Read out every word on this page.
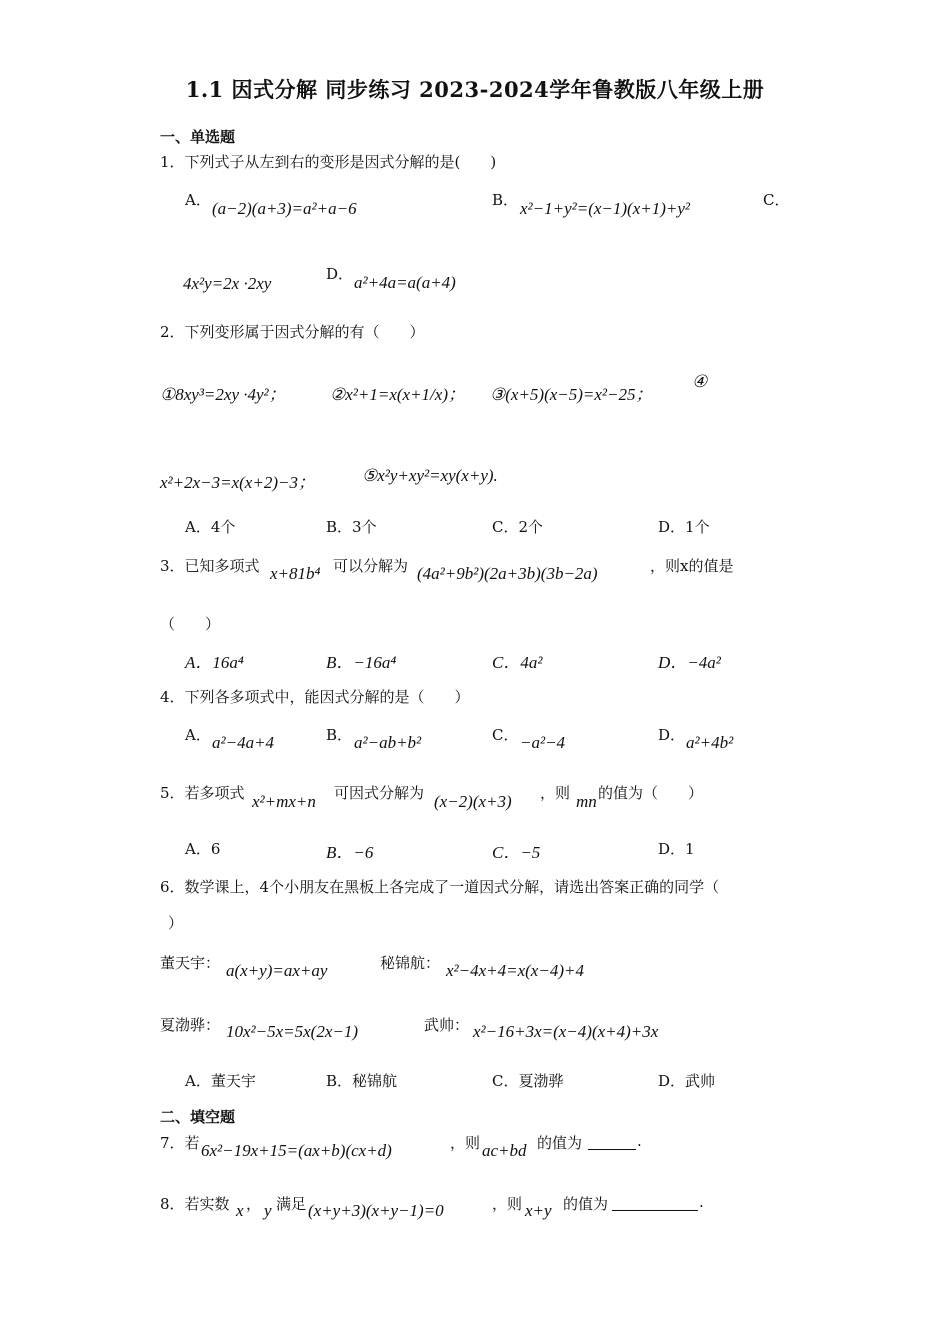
1.1 因式分解 同步练习 2023-2024学年鲁教版八年级上册
一、单选题
1．下列式子从左到右的变形是因式分解的是(　　)
A． (a−2)(a+3)=a²+a−6	B． x²−1+y²=(x−1)(x+1)+y²	C．
4x²y=2x ·2xy	D． a²+4a=a(a+4)
2．下列变形属于因式分解的有（　　）
①8xy³=2xy ·4y²；	②x²+1=x(x+1/x)； ③(x+5)(x−5)=x²−25；
④
x²+2x−3=x(x+2)−3；	⑤x²y+xy²=xy(x+y).
A．4个	B．3个	C．2个	D．1个
3．已知多项式 x+81b⁴ 可以分解为 (4a²+9b²)(2a+3b)(3b−2a)	，则x的值是
（　　）
A．16a⁴	B．−16a⁴	C．4a²	D．−4a²
4．下列各多项式中，能因式分解的是（　　）
A． a²−4a+4	B． a²−ab+b²	C． −a²−4	D． a²+4b²
5．若多项式 x²+mx+n 可因式分解为 (x−2)(x+3) ，则 mn 的值为（　　）
A．6	B．−6	C．−5	D．1
6．数学课上，4个小朋友在黑板上各完成了一道因式分解，请选出答案正确的同学（
）
董天宇： a(x+y)=ax+ay	秘锦航： x²−4x+4=x(x−4)+4
夏渤骅： 10x²−5x=5x(2x−1)	武帅： x²−16+3x=(x−4)(x+4)+3x
A．董天宇	B．秘锦航	C．夏渤骅	D．武帅
二、填空题
7．若 6x²−19x+15=(ax+b)(cx+d)	，则 ac+bd 的值为	.
8．若实数 x ， y 满足 (x+y+3)(x+y−1)=0	，则 x+y 的值为	.
